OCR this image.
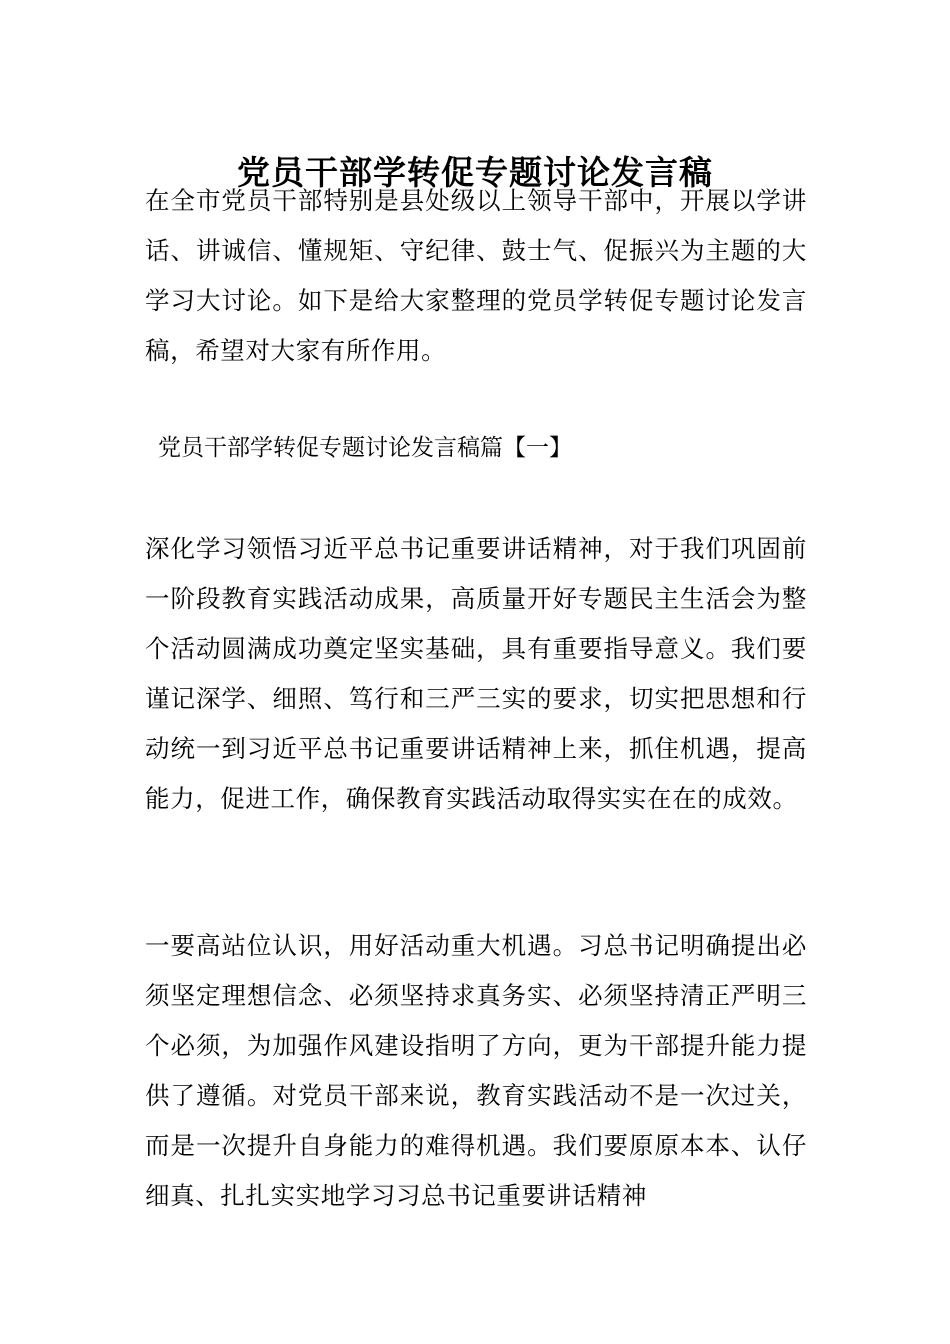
党员干部学转促专题讨论发言稿

在全市党员干部特别是县处级以上领导干部中，开展以学讲话、讲诚信、懂规矩、守纪律、鼓士气、促振兴为主题的大学习大讨论。如下是给大家整理的党员学转促专题讨论发言稿，希望对大家有所作用。

党员干部学转促专题讨论发言稿篇【一】

深化学习领悟习近平总书记重要讲话精神，对于我们巩固前一阶段教育实践活动成果，高质量开好专题民主生活会为整个活动圆满成功奠定坚实基础，具有重要指导意义。我们要谨记深学、细照、笃行和三严三实的要求，切实把思想和行动统一到习近平总书记重要讲话精神上来，抓住机遇，提高能力，促进工作，确保教育实践活动取得实实在在的成效。

一要高站位认识，用好活动重大机遇。习总书记明确提出必须坚定理想信念、必须坚持求真务实、必须坚持清正严明三个必须，为加强作风建设指明了方向，更为干部提升能力提供了遵循。对党员干部来说，教育实践活动不是一次过关，而是一次提升自身能力的难得机遇。我们要原原本本、认仔细真、扎扎实实地学习习总书记重要讲话精神
